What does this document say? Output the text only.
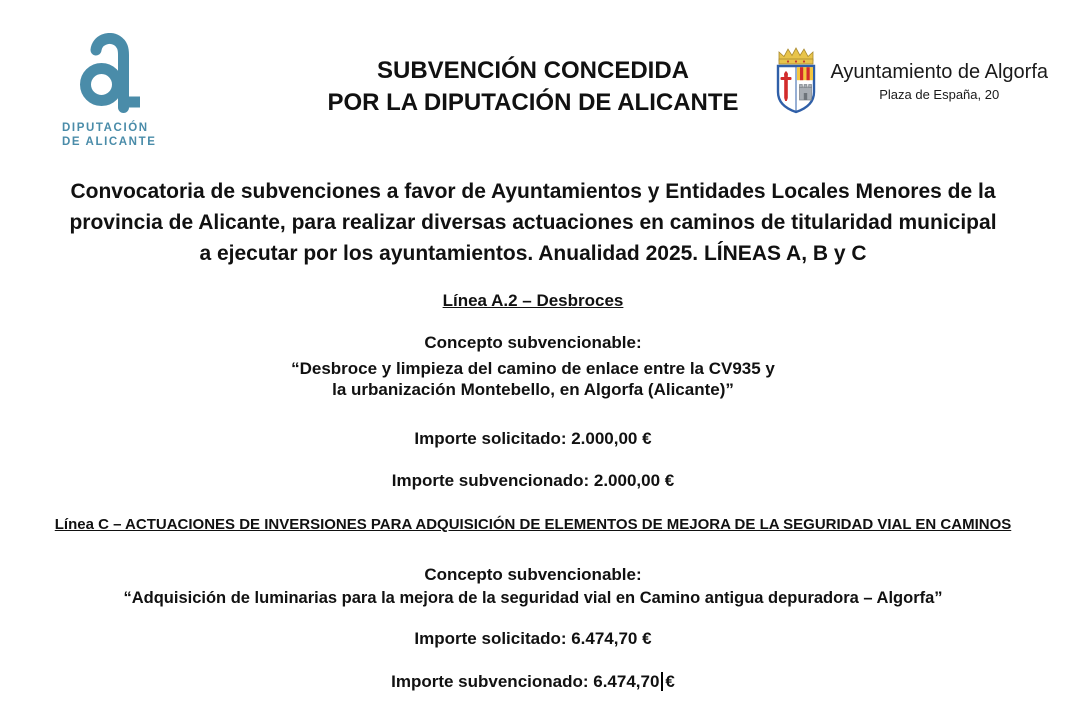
DIPUTACIÓN
DE ALICANTE
SUBVENCIÓN CONCEDIDA
POR LA DIPUTACIÓN DE ALICANTE
Ayuntamiento de Algorfa
Plaza de España, 20
Convocatoria de subvenciones a favor de Ayuntamientos y Entidades Locales Menores de la
provincia de Alicante, para realizar diversas actuaciones en caminos de titularidad municipal
a ejecutar por los ayuntamientos. Anualidad 2025. LÍNEAS A, B y C
Línea A.2 – Desbroces
Concepto subvencionable:
“Desbroce y limpieza del camino de enlace entre la CV935 y
la urbanización Montebello, en Algorfa (Alicante)”
Importe solicitado: 2.000,00 €
Importe subvencionado: 2.000,00 €
Línea C – ACTUACIONES DE INVERSIONES PARA ADQUISICIÓN DE ELEMENTOS DE MEJORA DE LA SEGURIDAD VIAL EN CAMINOS
Concepto subvencionable:
“Adquisición de luminarias para la mejora de la seguridad vial en Camino antigua depuradora – Algorfa”
Importe solicitado: 6.474,70 €
Importe subvencionado: 6.474,70 €
